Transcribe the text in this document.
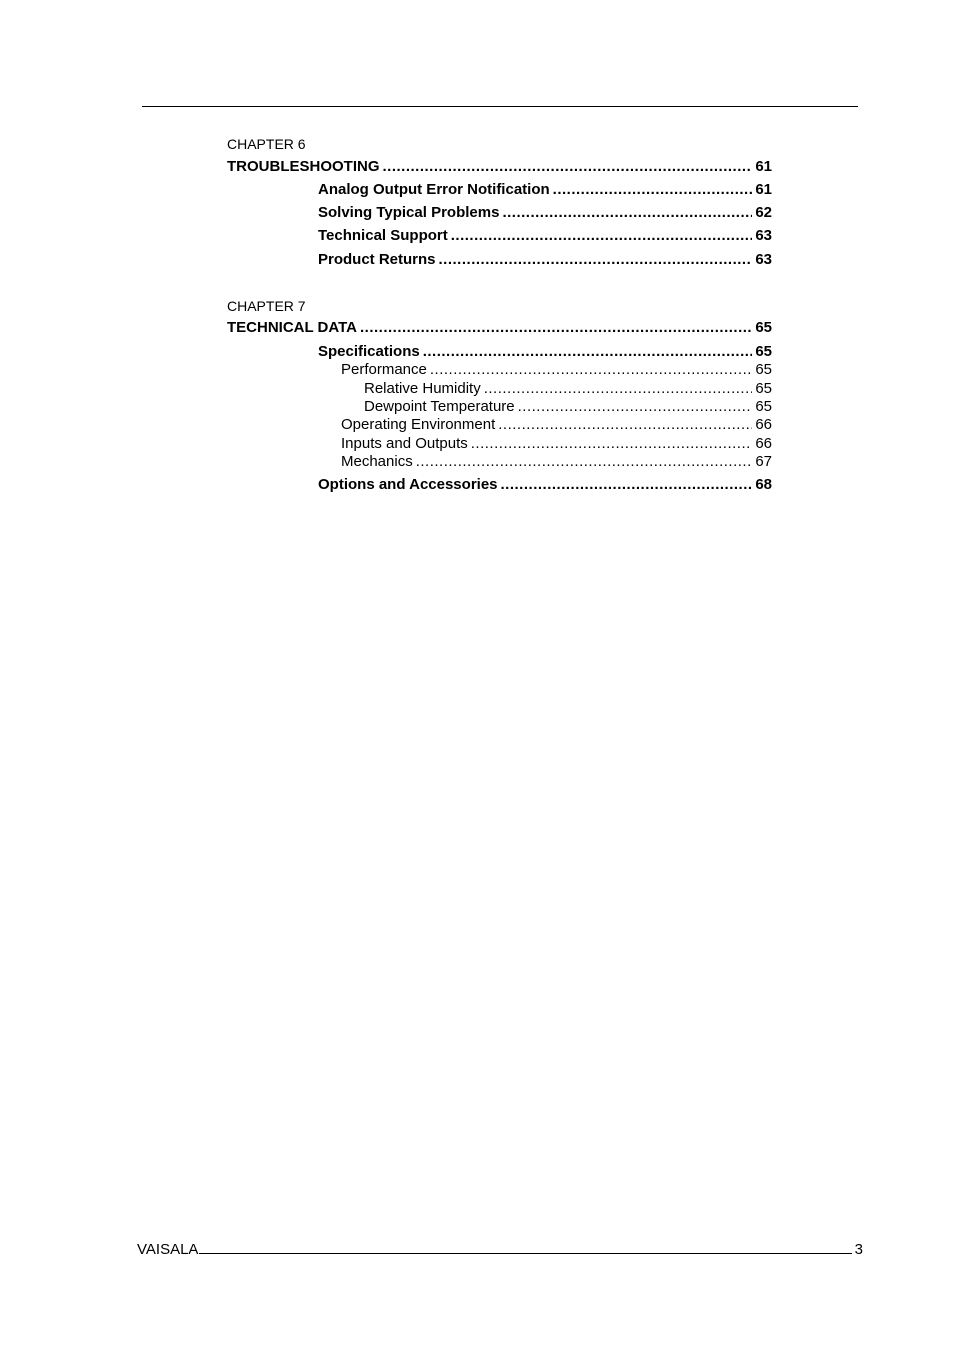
CHAPTER 6
TROUBLESHOOTING .....	61
Analog Output Error Notification .....	61
Solving Typical Problems .....	62
Technical Support .....	63
Product Returns .....	63
CHAPTER 7
TECHNICAL DATA .....	65
Specifications .....	65
Performance .....	65
Relative Humidity .....	65
Dewpoint Temperature .....	65
Operating Environment .....	66
Inputs and Outputs .....	66
Mechanics .....	67
Options and Accessories .....	68
VAISALA	3
